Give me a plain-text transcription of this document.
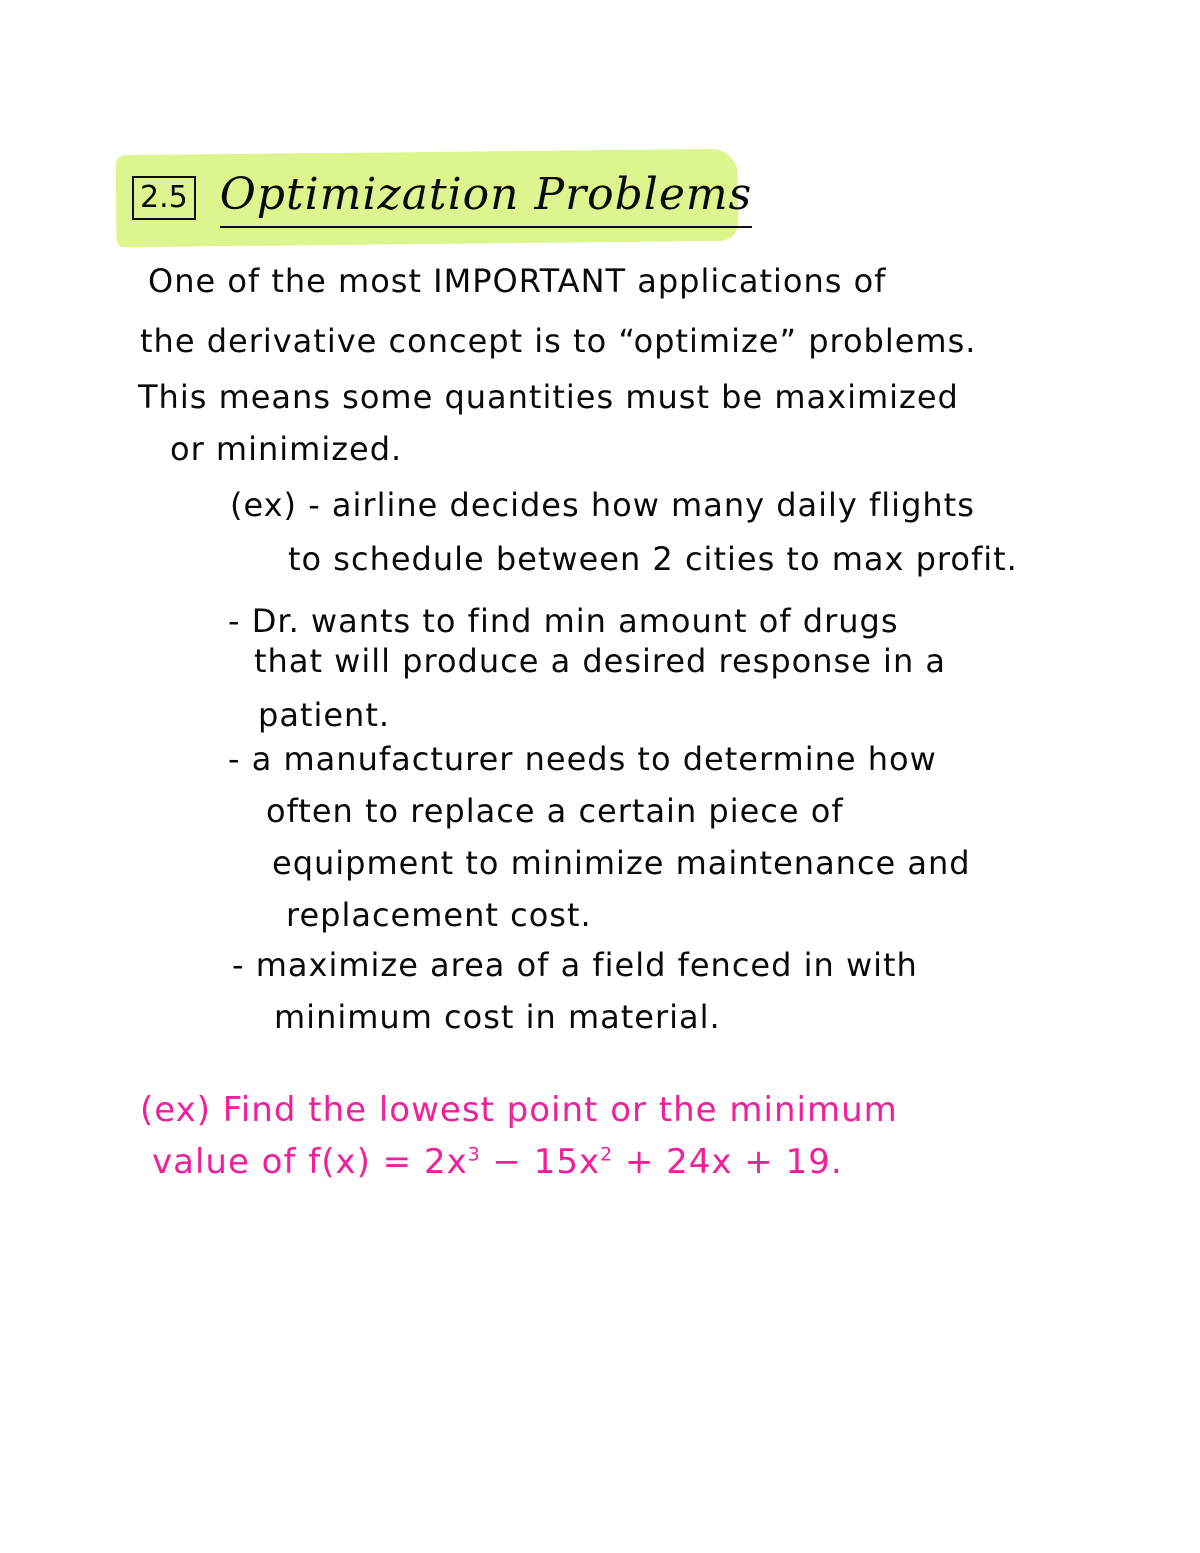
2.5 Optimization Problems
One of the most IMPORTANT applications of
the derivative concept is to “optimize” problems.
This means some quantities must be maximized
or minimized.
(ex) - airline decides how many daily flights
to schedule between 2 cities to max profit.
- Dr. wants to find min amount of drugs
that will produce a desired response in a
patient.
- a manufacturer needs to determine how
often to replace a certain piece of
equipment to minimize maintenance and
replacement cost.
- maximize area of a field fenced in with
minimum cost in material.
(ex) Find the lowest point or the minimum
value of $f(x) = 2x^3 - 15x^2 + 24x + 19$.
